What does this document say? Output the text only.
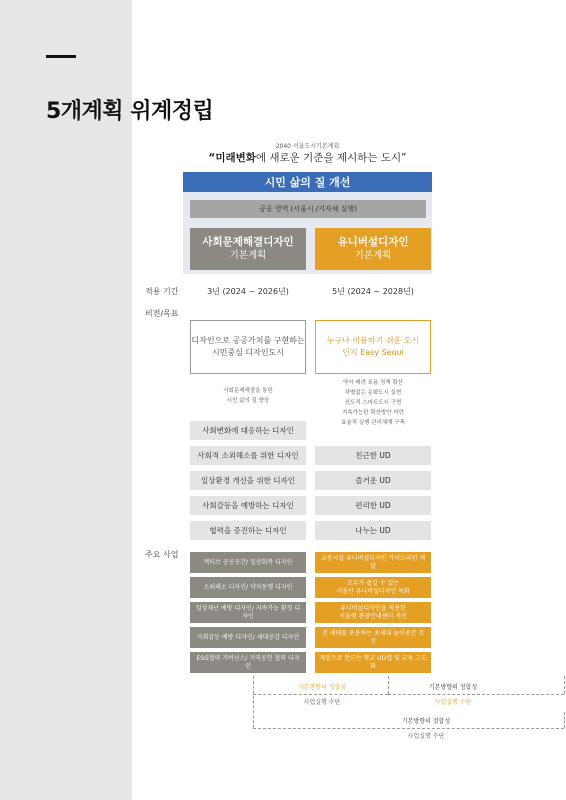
5개계획 위계정립
2040 서울도시기본계획
“미래변화에 새로운 기준을 제시하는 도시”
시민 삶의 질 개선
공공 영역 (서울시 /지자체 실행)
사회문제해결디자인
기본계획
유니버설디자인
기본계획
적용 기간	3년 (2024 ~ 2026년)	5년 (2024 ~ 2028년)
비전/목표
디자인으로 공공가치를 구현하는
시민중심 디자인도시
누구나 이용하기 쉬운 도시
인지 Easy Seoul
사회문제해결을 통한
시민 삶의 질 향상
약자 배려 포용 정책 확산
차별없는 문화도시 실현
선도적 스마트도시 구현
지속가능한 확산방안 마련
효율적 실행 관리체계 구축
사회변화에 대응하는 디자인
사회적 소외해소를 위한 디자인
일상환경 개선을 위한 디자인
사회갈등을 예방하는 디자인
협력을 증진하는 디자인
친근한 UD
즐거운 UD
편리한 UD
나누는 UD
주요 사업
액티브 공공공간/ 일상회복 디자인
소외해소 디자인/ 약자동행 디자인
일상재난 예방 디자인/ 지속가능 환경 디자인
사회갈등 예방 디자인/ 세대공감 디자인
ESG협력 거버넌스/ 지역공헌 협력 디자인
교통시설 유니버설디자인 가이드라인 개발
모두가 즐길 수 있는
서울산 유니버설디자인 특화
유니버설디자인을 적용한
서울형 관광안내센터 개선
전 세대를 포용하는 초세대 놀이공간 조성
게임으로 만드는 학교 UD맵 및 교육 고도화
기본방향의 정합성
사업실행 수단
기본방향의 정합성
사업실행 수단
기본방향의 정합성
사업실행 수단
